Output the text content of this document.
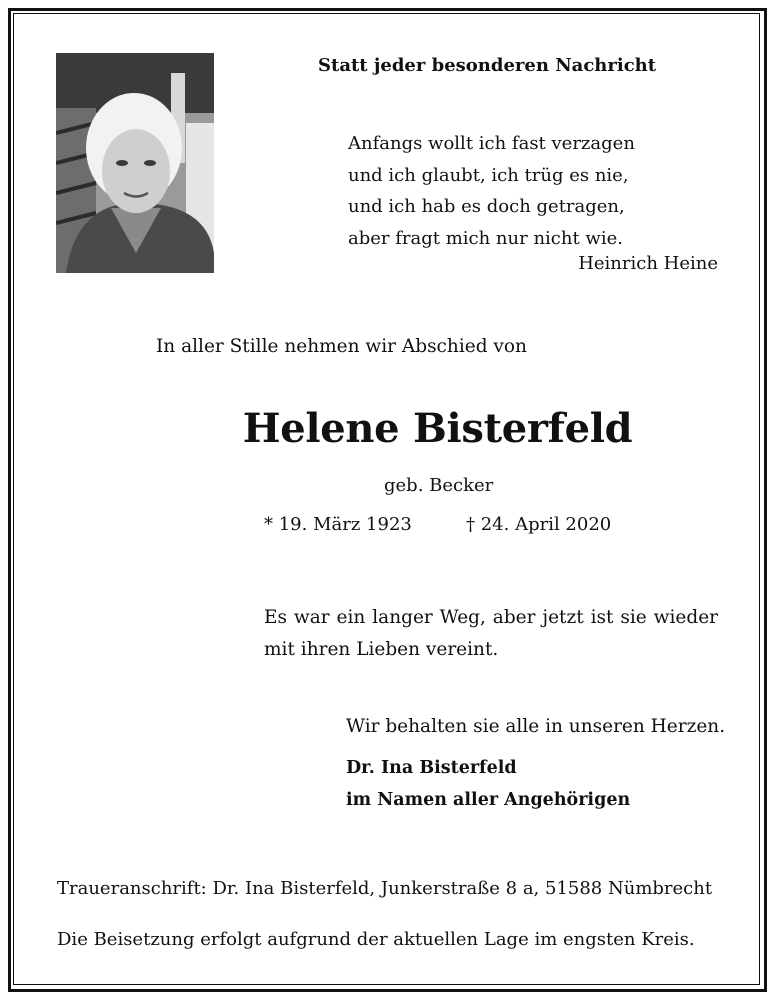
Statt jeder besonderen Nachricht
Anfangs wollt ich fast verzagen
und ich glaubt, ich trüg es nie,
und ich hab es doch getragen,
aber fragt mich nur nicht wie.
Heinrich Heine
In aller Stille nehmen wir Abschied von
Helene Bisterfeld
geb. Becker
* 19. März 1923	† 24. April 2020
Es war ein langer Weg, aber jetzt ist sie wieder mit ihren Lieben vereint.
Wir behalten sie alle in unseren Herzen.
Dr. Ina Bisterfeld
im Namen aller Angehörigen
Traueranschrift: Dr. Ina Bisterfeld, Junkerstraße 8 a, 51588 Nümbrecht
Die Beisetzung erfolgt aufgrund der aktuellen Lage im engsten Kreis.
